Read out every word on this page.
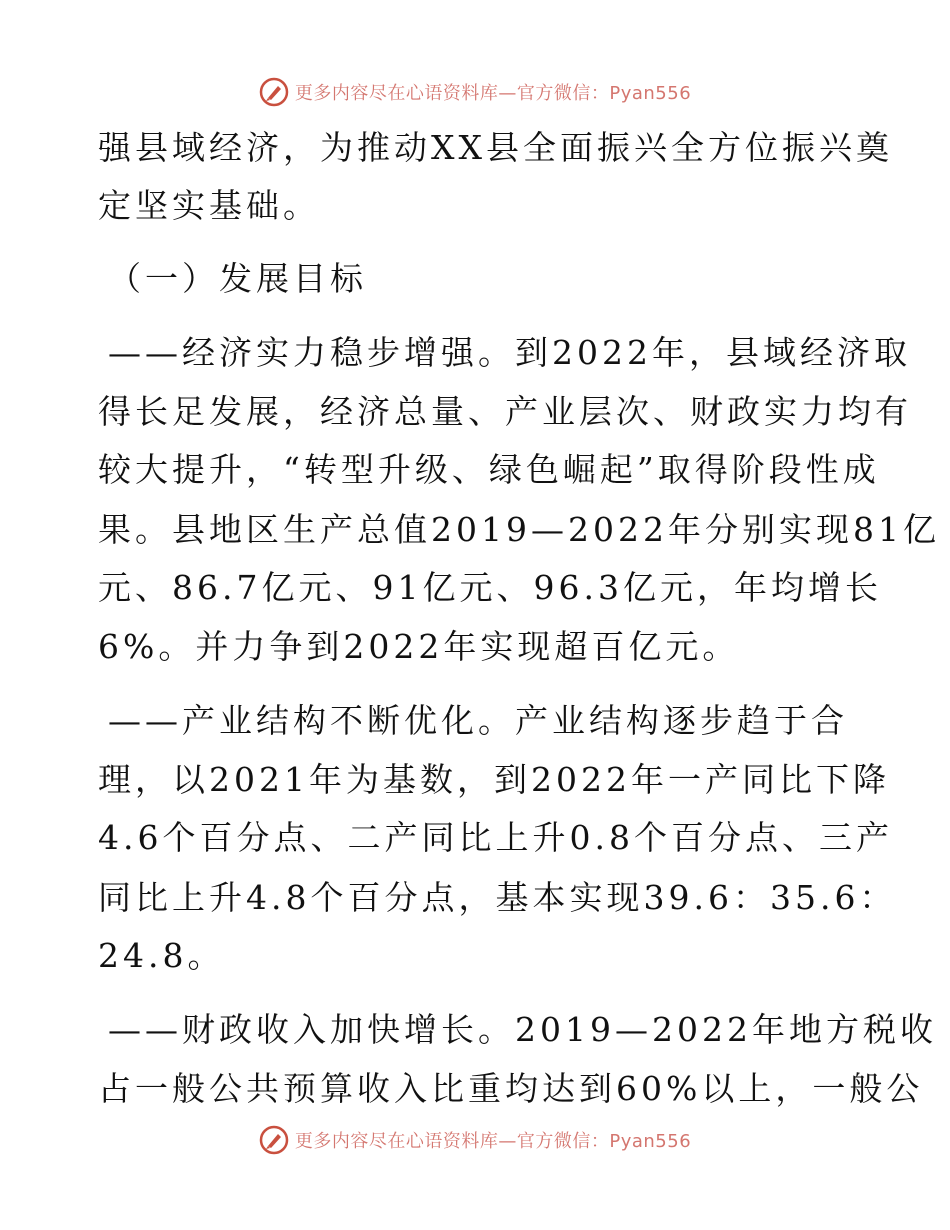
更多内容尽在心语资料库—官方微信：Pyan556
强县域经济，为推动XX县全面振兴全方位振兴奠
定坚实基础。
（一）发展目标
——经济实力稳步增强。到2022年，县域经济取
得长足发展，经济总量、产业层次、财政实力均有
较大提升，“转型升级、绿色崛起”取得阶段性成
果。县地区生产总值2019—2022年分别实现81亿
元、86.7亿元、91亿元、96.3亿元，年均增长
6%。并力争到2022年实现超百亿元。
——产业结构不断优化。产业结构逐步趋于合
理，以2021年为基数，到2022年一产同比下降
4.6个百分点、二产同比上升0.8个百分点、三产
同比上升4.8个百分点，基本实现39.6：35.6：
24.8。
——财政收入加快增长。2019—2022年地方税收
占一般公共预算收入比重均达到60%以上，一般公
更多内容尽在心语资料库—官方微信：Pyan556
